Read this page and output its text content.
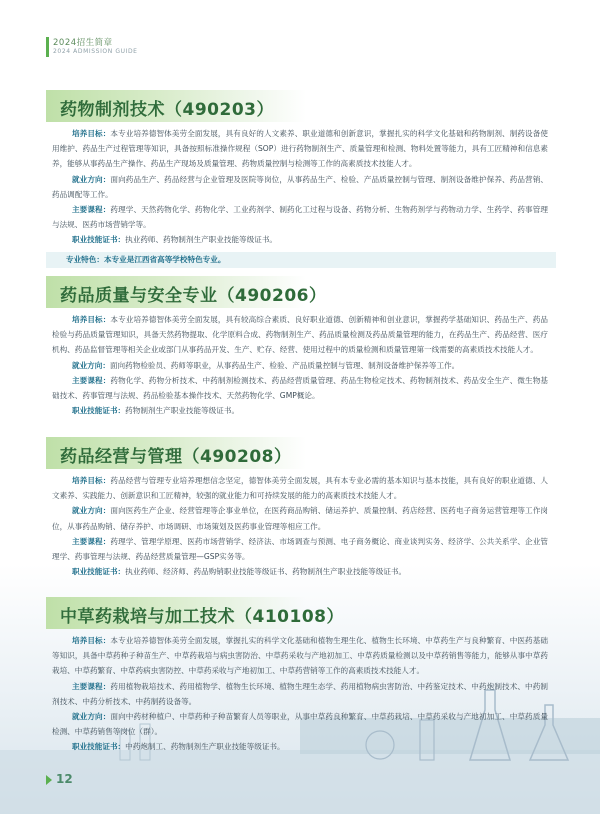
2024招生简章
2024 ADMISSION GUIDE
药物制剂技术（490203）

培养目标：本专业培养德智体美劳全面发展，具有良好的人文素养、职业道德和创新意识，掌握扎实的科学文化基础和药物制剂、制药设备使用维护、药品生产过程管理等知识，具备按照标准操作规程（SOP）进行药物制剂生产、质量管理和检测、物料处置等能力，具有工匠精神和信息素养，能够从事药品生产操作、药品生产现场及质量管理、药物质量控制与检测等工作的高素质技术技能人才。

就业方向：面向药品生产、药品经营与企业管理及医院等岗位，从事药品生产、检验、产品质量控制与管理、制剂设备维护保养、药品营销、药品调配等工作。

主要课程：药理学、天然药物化学、药物化学、工业药剂学、制药化工过程与设备、药物分析、生物药剂学与药物动力学、生药学、药事管理与法规、医药市场营销学等。

职业技能证书：执业药师、药物制剂生产职业技能等级证书。

专业特色：本专业是江西省高等学校特色专业。
药品质量与安全专业（490206）

培养目标：本专业培养德智体美劳全面发展，具有较高综合素质、良好职业道德、创新精神和创业意识，掌握药学基础知识、药品生产、药品检验与药品质量管理知识，具备天然药物提取、化学原料合成、药物制剂生产、药品质量检测及药品质量管理的能力，在药品生产、药品经营、医疗机构、药品监督管理等相关企业或部门从事药品开发、生产、贮存、经营、使用过程中的质量检测和质量管理第一线需要的高素质技术技能人才。

就业方向：面向药物检验员、药师等职业，从事药品生产、检验、产品质量控制与管理、制剂设备维护保养等工作。

主要课程：药物化学、药物分析技术、中药制剂检测技术、药品经营质量管理、药品生物检定技术、药物制剂技术、药品安全生产、微生物基础技术、药事管理与法规、药品检验基本操作技术、天然药物化学、GMP概论。

职业技能证书：药物制剂生产职业技能等级证书。

药品经营与管理（490208）

培养目标：药品经营与管理专业培养理想信念坚定，德智体美劳全面发展，具有本专业必需的基本知识与基本技能，具有良好的职业道德、人文素养、实践能力、创新意识和工匠精神，较强的就业能力和可持续发展的能力的高素质技术技能人才。

就业方向：面向医药生产企业、经营管理等企事业单位，在医药商品购销、储运养护、质量控制、药店经营、医药电子商务运营管理等工作岗位，从事药品购销、储存养护、市场调研、市场策划及医药事业管理等相应工作。

主要课程：药理学、管理学原理、医药市场营销学、经济法、市场调查与预测、电子商务概论、商业谈判实务、经济学、公共关系学、企业管理学、药事管理与法规、药品经营质量管理—GSP实务等。

职业技能证书：执业药师、经济师、药品购销职业技能等级证书、药物制剂生产职业技能等级证书。

中草药栽培与加工技术（410108）

培养目标：本专业培养德智体美劳全面发展，掌握扎实的科学文化基础和植物生理生化、植物生长环境、中草药生产与良种繁育、中医药基础等知识，具备中草药种子种苗生产、中草药栽培与病虫害防治、中草药采收与产地初加工、中草药质量检测以及中草药销售等能力，能够从事中草药栽培、中草药繁育、中草药病虫害防控、中草药采收与产地初加工、中草药营销等工作的高素质技术技能人才。

主要课程：药用植物栽培技术、药用植物学、植物生长环境、植物生理生态学、药用植物病虫害防治、中药鉴定技术、中药炮制技术、中药制剂技术、中药分析技术、中药制药设备等。

就业方向：面向中药材种植户、中草药种子种苗繁育人员等职业，从事中草药良种繁育、中草药栽培、中草药采收与产地初加工、中草药质量检测、中草药销售等岗位（群）。

职业技能证书：中药炮制工、药物制剂生产职业技能等级证书。

12
